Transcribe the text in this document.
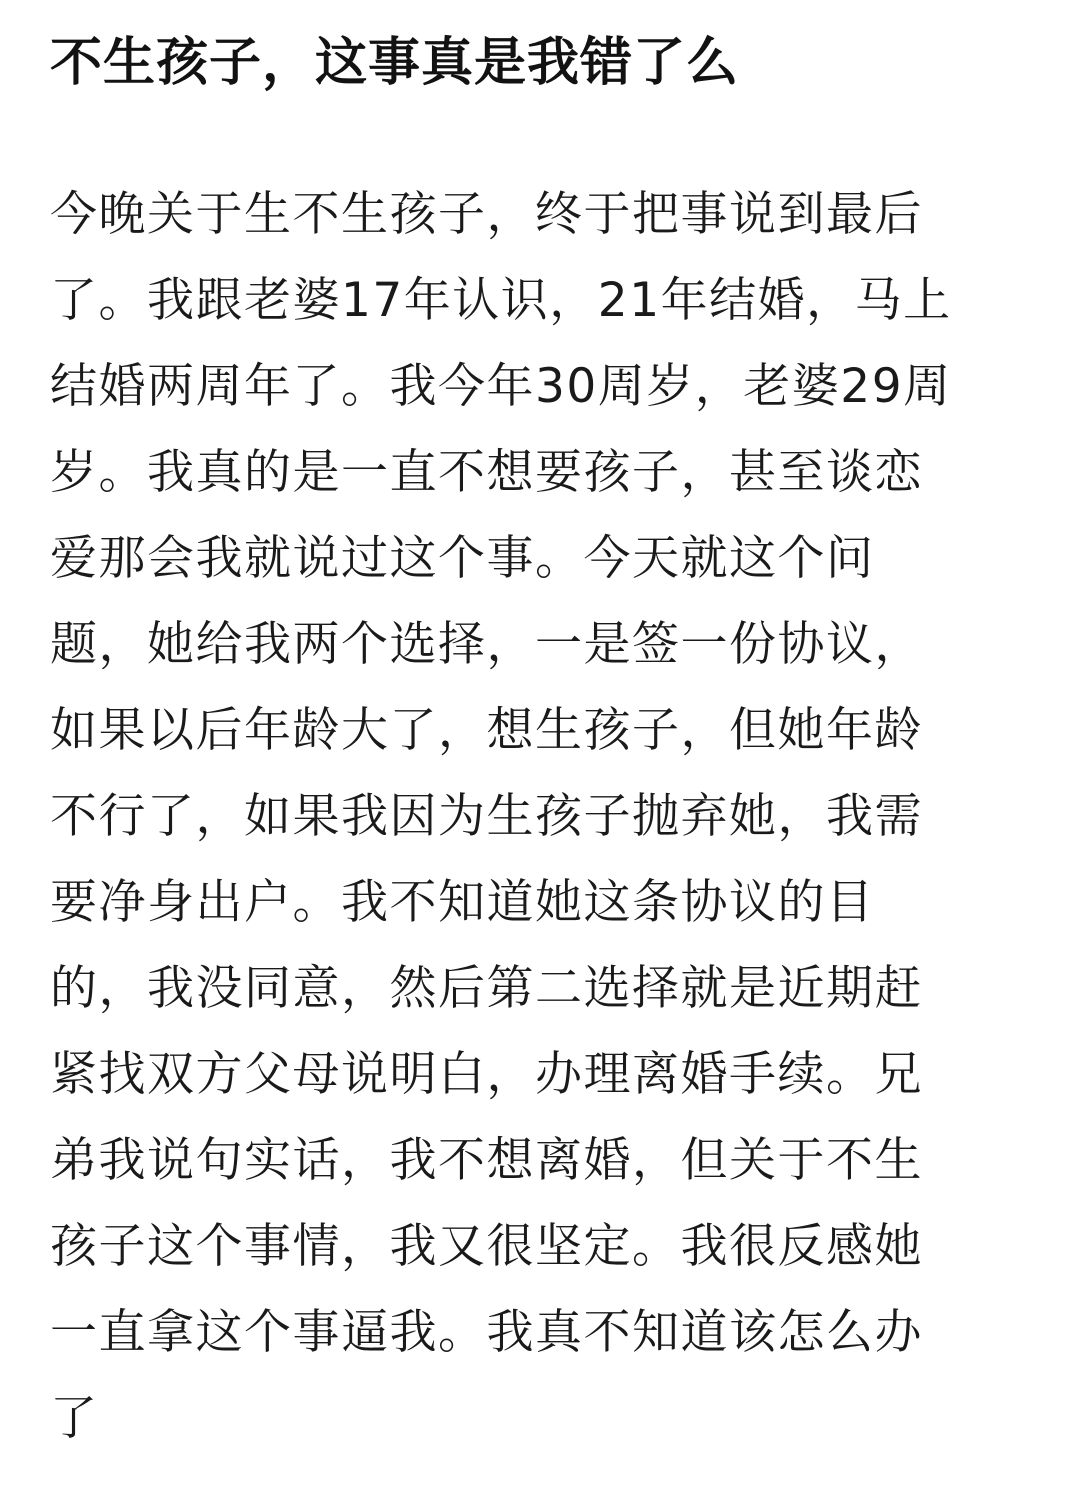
不生孩子，这事真是我错了么
今晚关于生不生孩子，终于把事说到最后
了。我跟老婆17年认识，21年结婚，马上
结婚两周年了。我今年30周岁，老婆29周
岁。我真的是一直不想要孩子，甚至谈恋
爱那会我就说过这个事。今天就这个问
题，她给我两个选择，一是签一份协议，
如果以后年龄大了，想生孩子，但她年龄
不行了，如果我因为生孩子抛弃她，我需
要净身出户。我不知道她这条协议的目
的，我没同意，然后第二选择就是近期赶
紧找双方父母说明白，办理离婚手续。兄
弟我说句实话，我不想离婚，但关于不生
孩子这个事情，我又很坚定。我很反感她
一直拿这个事逼我。我真不知道该怎么办
了
